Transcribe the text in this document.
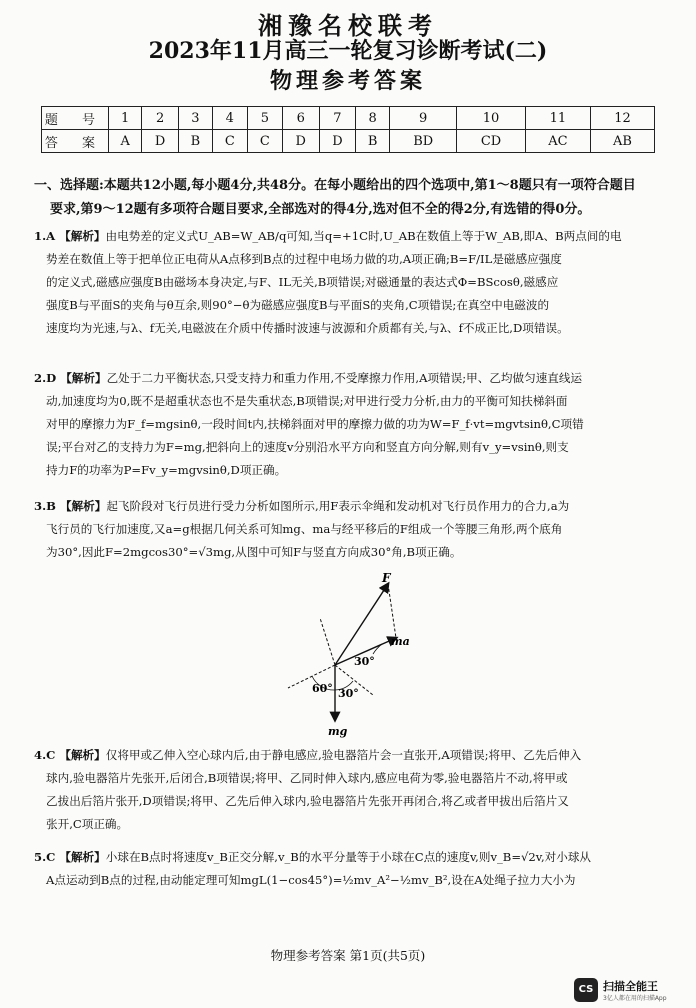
湘豫名校联考
2023年11月高三一轮复习诊断考试(二)
物理参考答案
题 号	1	2	3	4	5	6	7	8	9	10	11	12
答 案	A	D	B	C	C	D	D	B	BD	CD	AC	AB
一、选择题:本题共12小题,每小题4分,共48分。在每小题给出的四个选项中,第1～8题只有一项符合题目
要求,第9～12题有多项符合题目要求,全部选对的得4分,选对但不全的得2分,有选错的得0分。

1.A 【解析】由电势差的定义式U_AB=W_AB/q可知,当q=+1C时,U_AB在数值上等于W_AB,即A、B两点间的电

势差在数值上等于把单位正电荷从A点移到B点的过程中电场力做的功,A项正确;B=F/IL是磁感应强度

的定义式,磁感应强度B由磁场本身决定,与F、IL无关,B项错误;对磁通量的表达式Φ=BScosθ,磁感应

强度B与平面S的夹角与θ互余,则90°−θ为磁感应强度B与平面S的夹角,C项错误;在真空中电磁波的

速度均为光速,与λ、f无关,电磁波在介质中传播时波速与波源和介质都有关,与λ、f不成正比,D项错误。

2.D 【解析】乙处于二力平衡状态,只受支持力和重力作用,不受摩擦力作用,A项错误;甲、乙均做匀速直线运

动,加速度均为0,既不是超重状态也不是失重状态,B项错误;对甲进行受力分析,由力的平衡可知扶梯斜面

对甲的摩擦力为F_f=mgsinθ,一段时间t内,扶梯斜面对甲的摩擦力做的功为W=F_f·vt=mgvtsinθ,C项错

误;平台对乙的支持力为F=mg,把斜向上的速度v分别沿水平方向和竖直方向分解,则有v_y=vsinθ,则支

持力F的功率为P=Fv_y=mgvsinθ,D项正确。

3.B 【解析】起飞阶段对飞行员进行受力分析如图所示,用F表示伞绳和发动机对飞行员作用力的合力,a为

飞行员的飞行加速度,又a=g根据几何关系可知mg、ma与经平移后的F组成一个等腰三角形,两个底角

为30°,因此F=2mgcos30°=√3mg,从图中可知F与竖直方向成30°角,B项正确。

F
ma
mg
30°
60° 30°

4.C 【解析】仅将甲或乙伸入空心球内后,由于静电感应,验电器箔片会一直张开,A项错误;将甲、乙先后伸入

球内,验电器箔片先张开,后闭合,B项错误;将甲、乙同时伸入球内,感应电荷为零,验电器箔片不动,将甲或

乙拔出后箔片张开,D项错误;将甲、乙先后伸入球内,验电器箔片先张开再闭合,将乙或者甲拔出后箔片又

张开,C项正确。

5.C 【解析】小球在B点时将速度v_B正交分解,v_B的水平分量等于小球在C点的速度v,则v_B=√2v,对小球从

A点运动到B点的过程,由动能定理可知mgL(1−cos45°)=½mv_A²−½mv_B²,设在A处绳子拉力大小为

物理参考答案 第1页(共5页)
CS 扫描全能王
3亿人都在用的扫描App
